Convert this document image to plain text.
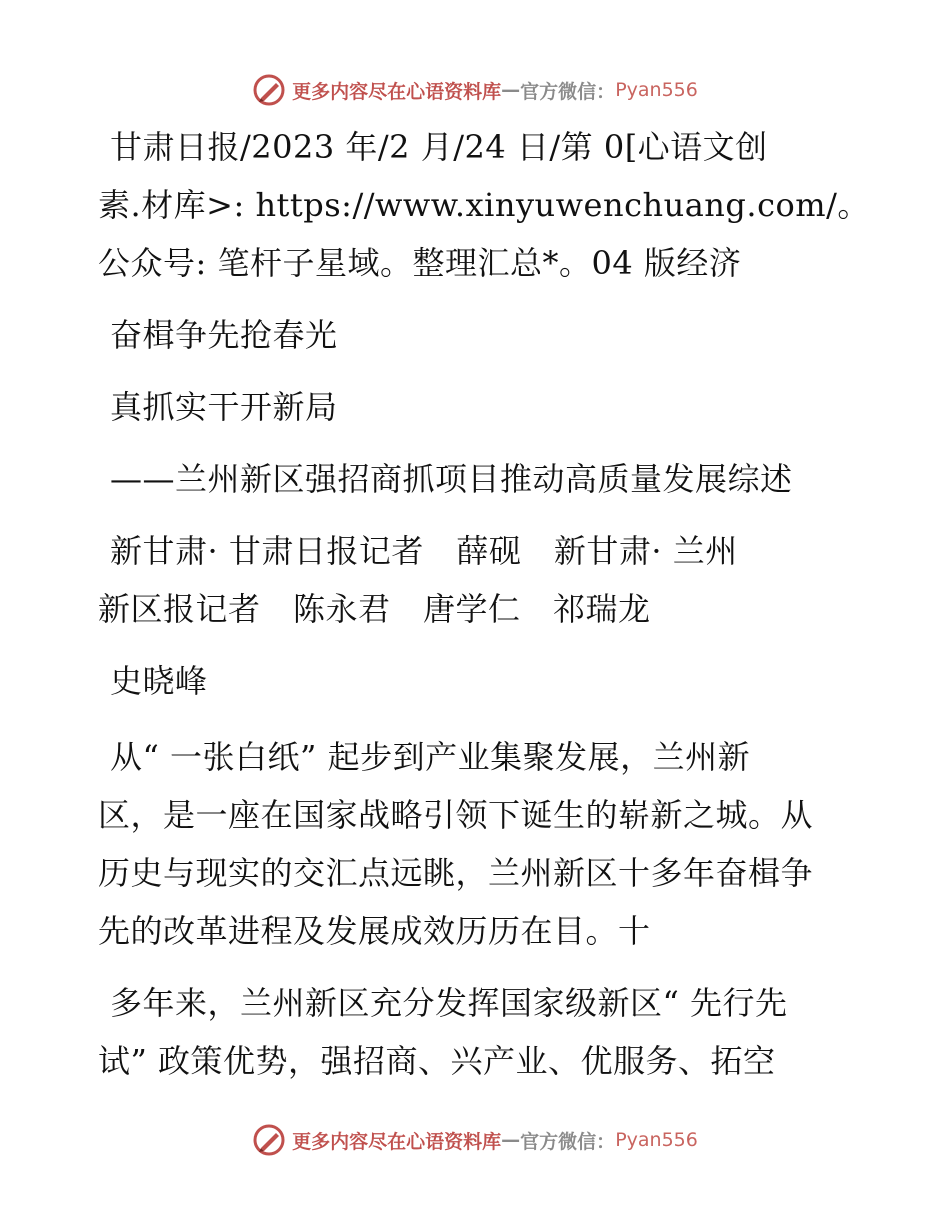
更多内容尽在心语资料库 — 官方微信： Pyan556

甘肃日报/2023 年/2 月/24 日/第 0[心语文创
素.材库>: https://www.xinyuwenchuang.com/。
公众号: 笔杆子星域。整理汇总*。04 版经济

奋楫争先抢春光

真抓实干开新局

——兰州新区强招商抓项目推动高质量发展综述

新甘肃· 甘肃日报记者　薛砚　新甘肃· 兰州
新区报记者　陈永君　唐学仁　祁瑞龙

史晓峰

从“ 一张白纸” 起步到产业集聚发展，兰州新
区，是一座在国家战略引领下诞生的崭新之城。从
历史与现实的交汇点远眺，兰州新区十多年奋楫争
先的改革进程及发展成效历历在目。十

多年来，兰州新区充分发挥国家级新区“ 先行先
试” 政策优势，强招商、兴产业、优服务、拓空

更多内容尽在心语资料库 — 官方微信： Pyan556
